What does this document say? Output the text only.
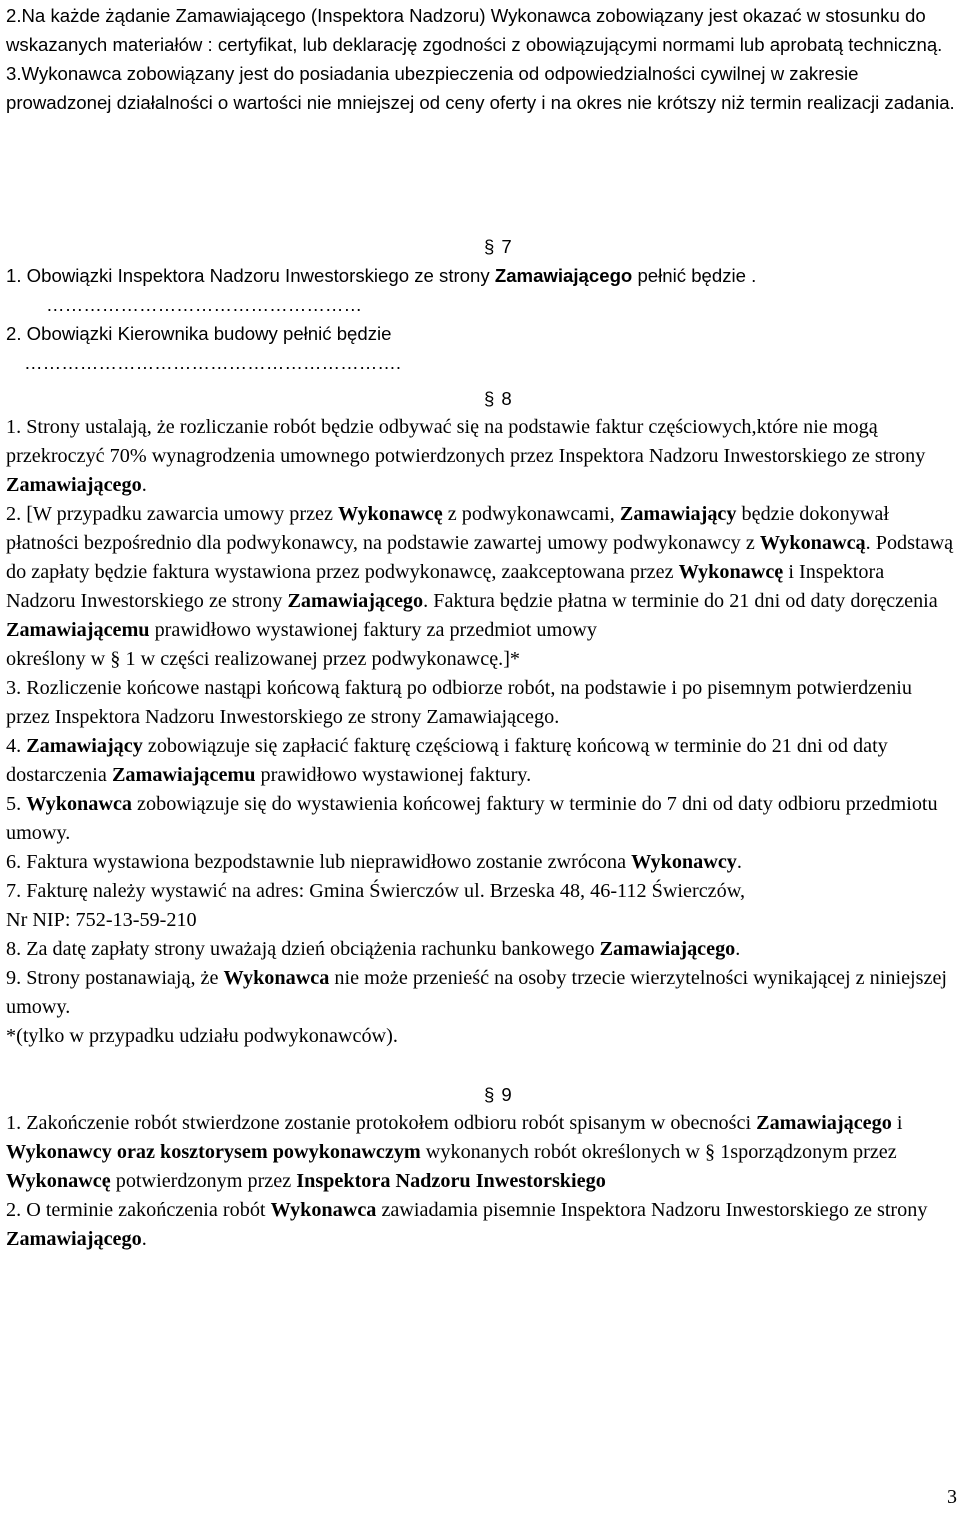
2.Na każde żądanie Zamawiającego (Inspektora Nadzoru) Wykonawca zobowiązany jest okazać w stosunku do wskazanych materiałów : certyfikat, lub deklarację zgodności z obowiązującymi normami lub aprobatą techniczną.

3.Wykonawca zobowiązany jest do posiadania ubezpieczenia od odpowiedzialności cywilnej w zakresie prowadzonej działalności o wartości nie mniejszej od ceny oferty i na okres nie krótszy niż termin realizacji zadania.

§ 7

1. Obowiązki Inspektora Nadzoru Inwestorskiego ze strony Zamawiającego pełnić będzie .

……………………………………………

2. Obowiązki Kierownika budowy pełnić będzie

…………………………………………………….

§ 8

1. Strony ustalają, że rozliczanie robót będzie odbywać się na podstawie faktur częściowych,które nie mogą przekroczyć 70% wynagrodzenia umownego potwierdzonych przez Inspektora Nadzoru Inwestorskiego ze strony Zamawiającego.

2. [W przypadku zawarcia umowy przez Wykonawcę z podwykonawcami, Zamawiający będzie dokonywał płatności bezpośrednio dla podwykonawcy, na podstawie zawartej umowy podwykonawcy z Wykonawcą. Podstawą do zapłaty będzie faktura wystawiona przez podwykonawcę, zaakceptowana przez Wykonawcę i Inspektora Nadzoru Inwestorskiego ze strony Zamawiającego. Faktura będzie płatna w terminie do 21 dni od daty doręczenia Zamawiającemu prawidłowo wystawionej faktury za przedmiot umowy
określony w § 1 w części realizowanej przez podwykonawcę.]*

3. Rozliczenie końcowe nastąpi końcową fakturą po odbiorze robót, na podstawie i po pisemnym potwierdzeniu przez Inspektora Nadzoru Inwestorskiego ze strony Zamawiającego.

4. Zamawiający zobowiązuje się zapłacić fakturę częściową i fakturę końcową w terminie do 21 dni od daty dostarczenia Zamawiającemu prawidłowo wystawionej faktury.

5. Wykonawca zobowiązuje się do wystawienia końcowej faktury w terminie do 7 dni od daty odbioru przedmiotu umowy.

6. Faktura wystawiona bezpodstawnie lub nieprawidłowo zostanie zwrócona Wykonawcy.

7. Fakturę należy wystawić na adres: Gmina Świerczów ul. Brzeska 48, 46-112 Świerczów,
Nr NIP: 752-13-59-210

8. Za datę zapłaty strony uważają dzień obciążenia rachunku bankowego Zamawiającego.

9. Strony postanawiają, że Wykonawca nie może przenieść na osoby trzecie wierzytelności wynikającej z niniejszej umowy.

*(tylko w przypadku udziału podwykonawców).

§ 9

1. Zakończenie robót stwierdzone zostanie protokołem odbioru robót spisanym w obecności Zamawiającego i Wykonawcy oraz kosztorysem powykonawczym wykonanych robót określonych w § 1sporządzonym przez Wykonawcę potwierdzonym przez Inspektora Nadzoru Inwestorskiego

2. O terminie zakończenia robót Wykonawca zawiadamia pisemnie Inspektora Nadzoru Inwestorskiego ze strony Zamawiającego.

3
